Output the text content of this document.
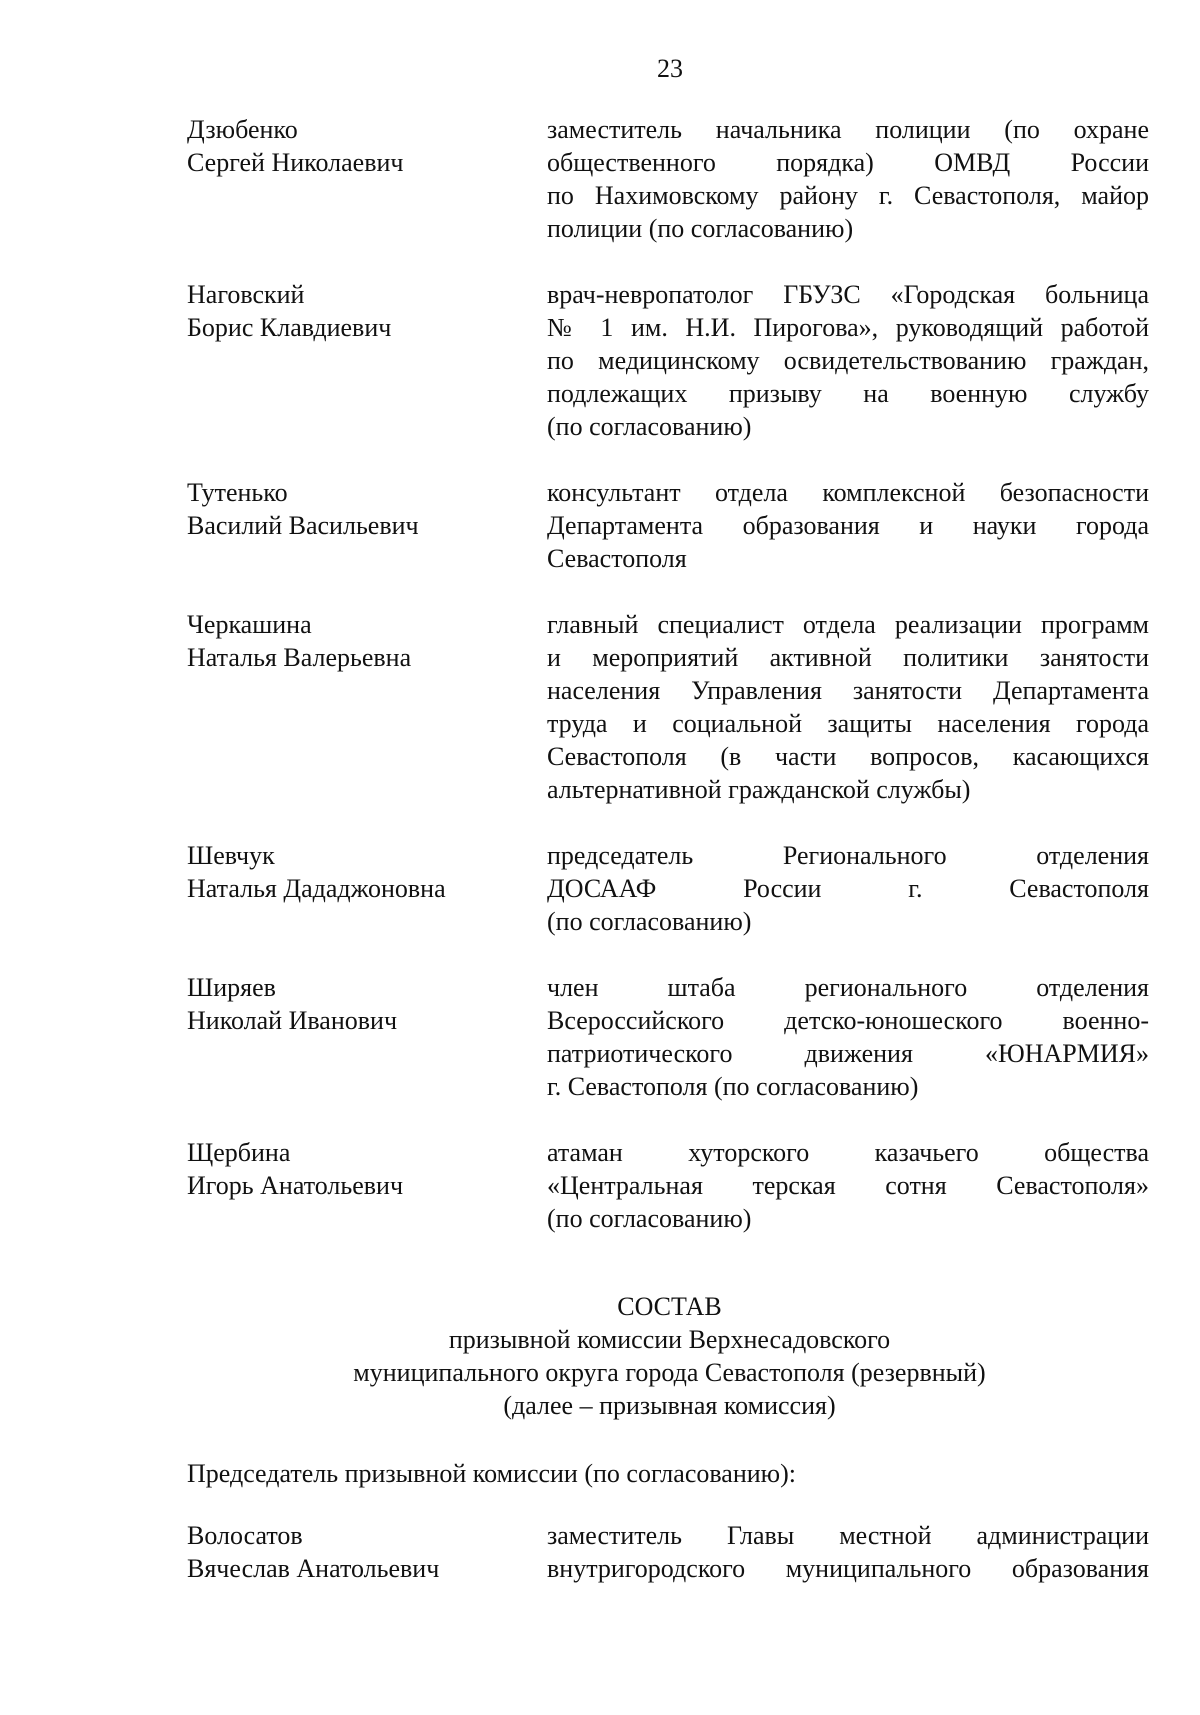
23
Дзюбенко
Сергей Николаевич
заместитель начальника полиции (по охране
общественного порядка) ОМВД России
по Нахимовскому району г. Севастополя, майор
полиции (по согласованию)
Наговский
Борис Клавдиевич
врач-невропатолог ГБУЗС «Городская больница
№ 1 им. Н.И. Пирогова», руководящий работой
по медицинскому освидетельствованию граждан,
подлежащих призыву на военную службу
(по согласованию)
Тутенько
Василий Васильевич
консультант отдела комплексной безопасности
Департамента образования и науки города
Севастополя
Черкашина
Наталья Валерьевна
главный специалист отдела реализации программ
и мероприятий активной политики занятости
населения Управления занятости Департамента
труда и социальной защиты населения города
Севастополя (в части вопросов, касающихся
альтернативной гражданской службы)
Шевчук
Наталья Дададжоновна
председатель Регионального отделения
ДОСААФ России г. Севастополя
(по согласованию)
Ширяев
Николай Иванович
член штаба регионального отделения
Всероссийского детско-юношеского военно-
патриотического движения «ЮНАРМИЯ»
г. Севастополя (по согласованию)
Щербина
Игорь Анатольевич
атаман хуторского казачьего общества
«Центральная терская сотня Севастополя»
(по согласованию)
СОСТАВ
призывной комиссии Верхнесадовского
муниципального округа города Севастополя (резервный)
(далее – призывная комиссия)
Председатель призывной комиссии (по согласованию):
Волосатов
Вячеслав Анатольевич
заместитель Главы местной администрации
внутригородского муниципального образования
